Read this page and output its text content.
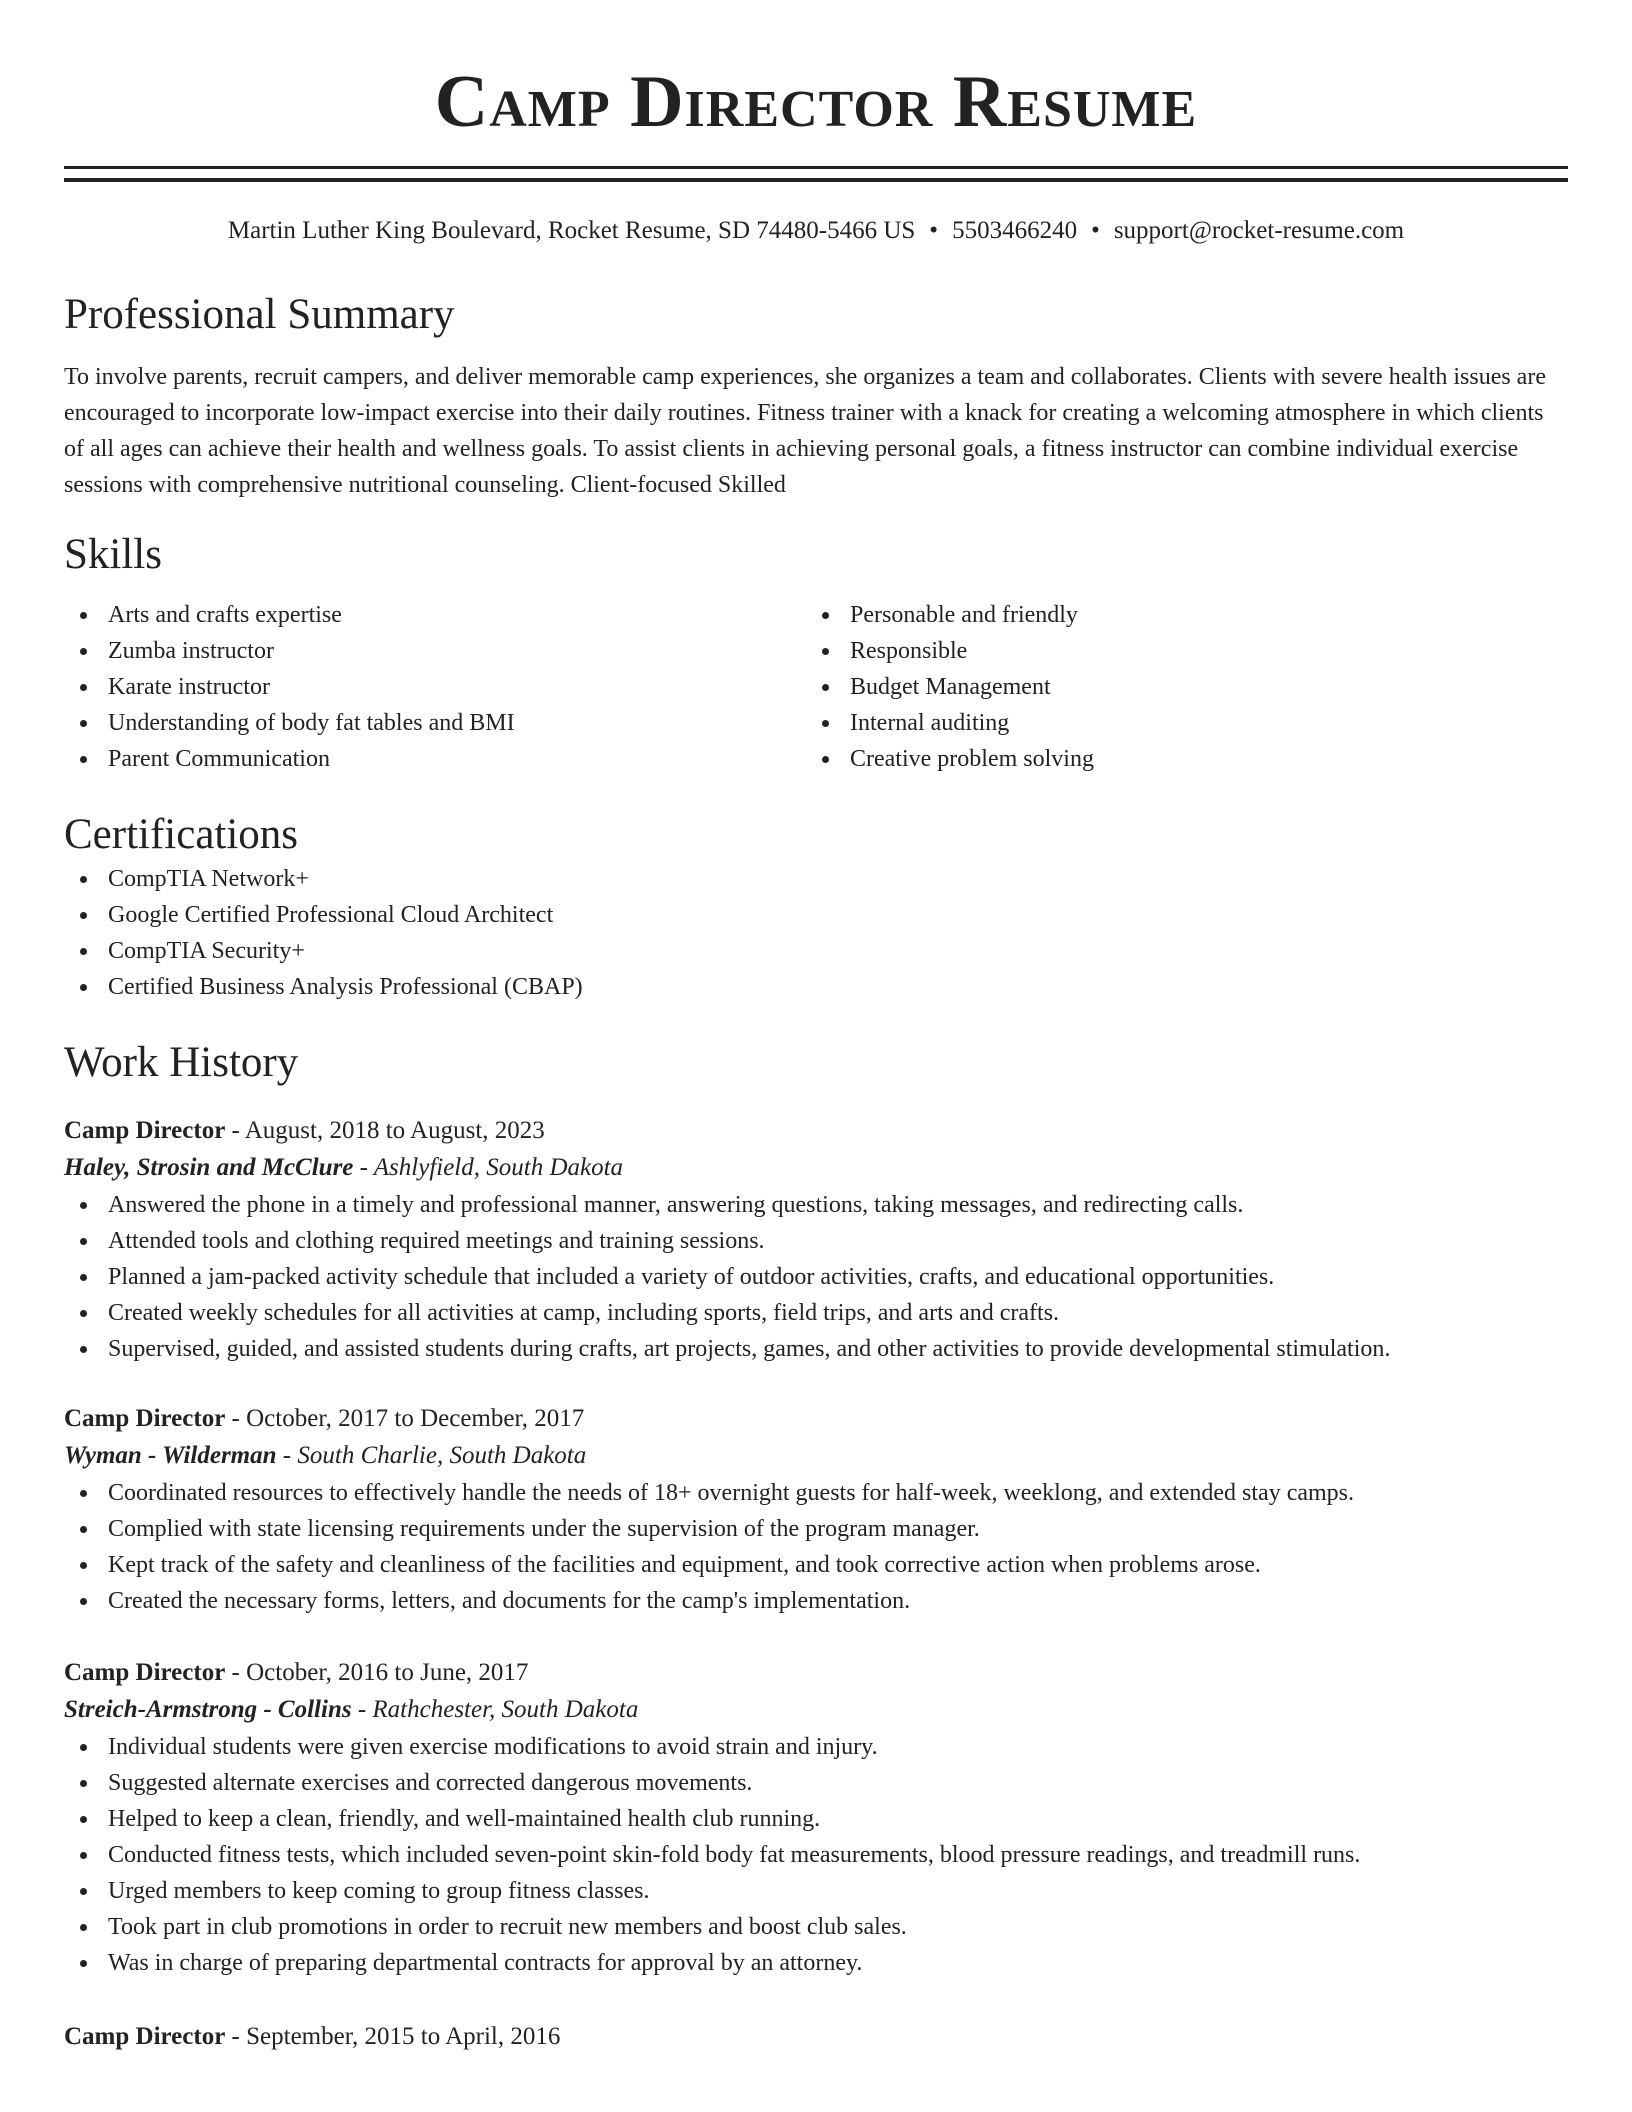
Camp Director Resume
Martin Luther King Boulevard, Rocket Resume, SD 74480-5466 US • 5503466240 • support@rocket-resume.com
Professional Summary
To involve parents, recruit campers, and deliver memorable camp experiences, she organizes a team and collaborates. Clients with severe health issues are encouraged to incorporate low-impact exercise into their daily routines. Fitness trainer with a knack for creating a welcoming atmosphere in which clients of all ages can achieve their health and wellness goals. To assist clients in achieving personal goals, a fitness instructor can combine individual exercise sessions with comprehensive nutritional counseling. Client-focused Skilled
Skills
Arts and crafts expertise
Zumba instructor
Karate instructor
Understanding of body fat tables and BMI
Parent Communication
Personable and friendly
Responsible
Budget Management
Internal auditing
Creative problem solving
Certifications
CompTIA Network+
Google Certified Professional Cloud Architect
CompTIA Security+
Certified Business Analysis Professional (CBAP)
Work History
Camp Director - August, 2018 to August, 2023
Haley, Strosin and McClure - Ashlyfield, South Dakota
Answered the phone in a timely and professional manner, answering questions, taking messages, and redirecting calls.
Attended tools and clothing required meetings and training sessions.
Planned a jam-packed activity schedule that included a variety of outdoor activities, crafts, and educational opportunities.
Created weekly schedules for all activities at camp, including sports, field trips, and arts and crafts.
Supervised, guided, and assisted students during crafts, art projects, games, and other activities to provide developmental stimulation.
Camp Director - October, 2017 to December, 2017
Wyman - Wilderman - South Charlie, South Dakota
Coordinated resources to effectively handle the needs of 18+ overnight guests for half-week, weeklong, and extended stay camps.
Complied with state licensing requirements under the supervision of the program manager.
Kept track of the safety and cleanliness of the facilities and equipment, and took corrective action when problems arose.
Created the necessary forms, letters, and documents for the camp's implementation.
Camp Director - October, 2016 to June, 2017
Streich-Armstrong - Collins - Rathchester, South Dakota
Individual students were given exercise modifications to avoid strain and injury.
Suggested alternate exercises and corrected dangerous movements.
Helped to keep a clean, friendly, and well-maintained health club running.
Conducted fitness tests, which included seven-point skin-fold body fat measurements, blood pressure readings, and treadmill runs.
Urged members to keep coming to group fitness classes.
Took part in club promotions in order to recruit new members and boost club sales.
Was in charge of preparing departmental contracts for approval by an attorney.
Camp Director - September, 2015 to April, 2016
